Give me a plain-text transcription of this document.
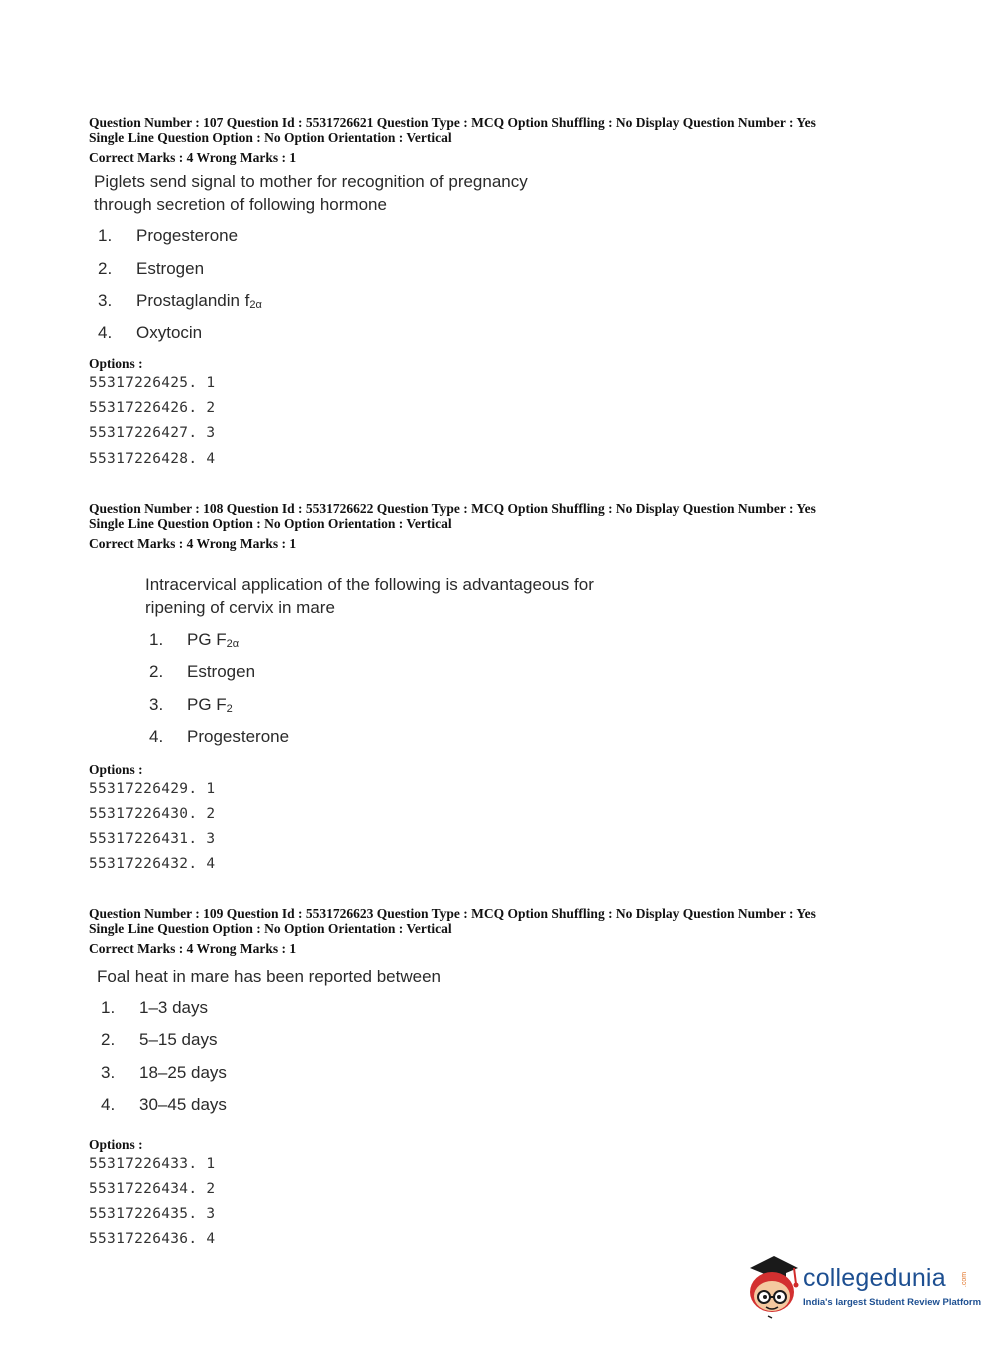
Question Number : 107 Question Id : 5531726621 Question Type : MCQ Option Shuffling : No Display Question Number : Yes
Single Line Question Option : No Option Orientation : Vertical
Correct Marks : 4 Wrong Marks : 1
Piglets send signal to mother for recognition of pregnancy
through secretion of following hormone
1. Progesterone
2. Estrogen
3. Prostaglandin $f_{2\alpha}$
4. Oxytocin
Options :
55317226425. 1
55317226426. 2
55317226427. 3
55317226428. 4
Question Number : 108 Question Id : 5531726622 Question Type : MCQ Option Shuffling : No Display Question Number : Yes
Single Line Question Option : No Option Orientation : Vertical
Correct Marks : 4 Wrong Marks : 1
Intracervical application of the following is advantageous for
ripening of cervix in mare
1. PG $F_{2\alpha}$
2. Estrogen
3. PG $F_2$
4. Progesterone
Options :
55317226429. 1
55317226430. 2
55317226431. 3
55317226432. 4
Question Number : 109 Question Id : 5531726623 Question Type : MCQ Option Shuffling : No Display Question Number : Yes
Single Line Question Option : No Option Orientation : Vertical
Correct Marks : 4 Wrong Marks : 1
Foal heat in mare has been reported between
1. 1–3 days
2. 5–15 days
3. 18–25 days
4. 30–45 days
Options :
55317226433. 1
55317226434. 2
55317226435. 3
55317226436. 4
collegedunia .com
India's largest Student Review Platform
